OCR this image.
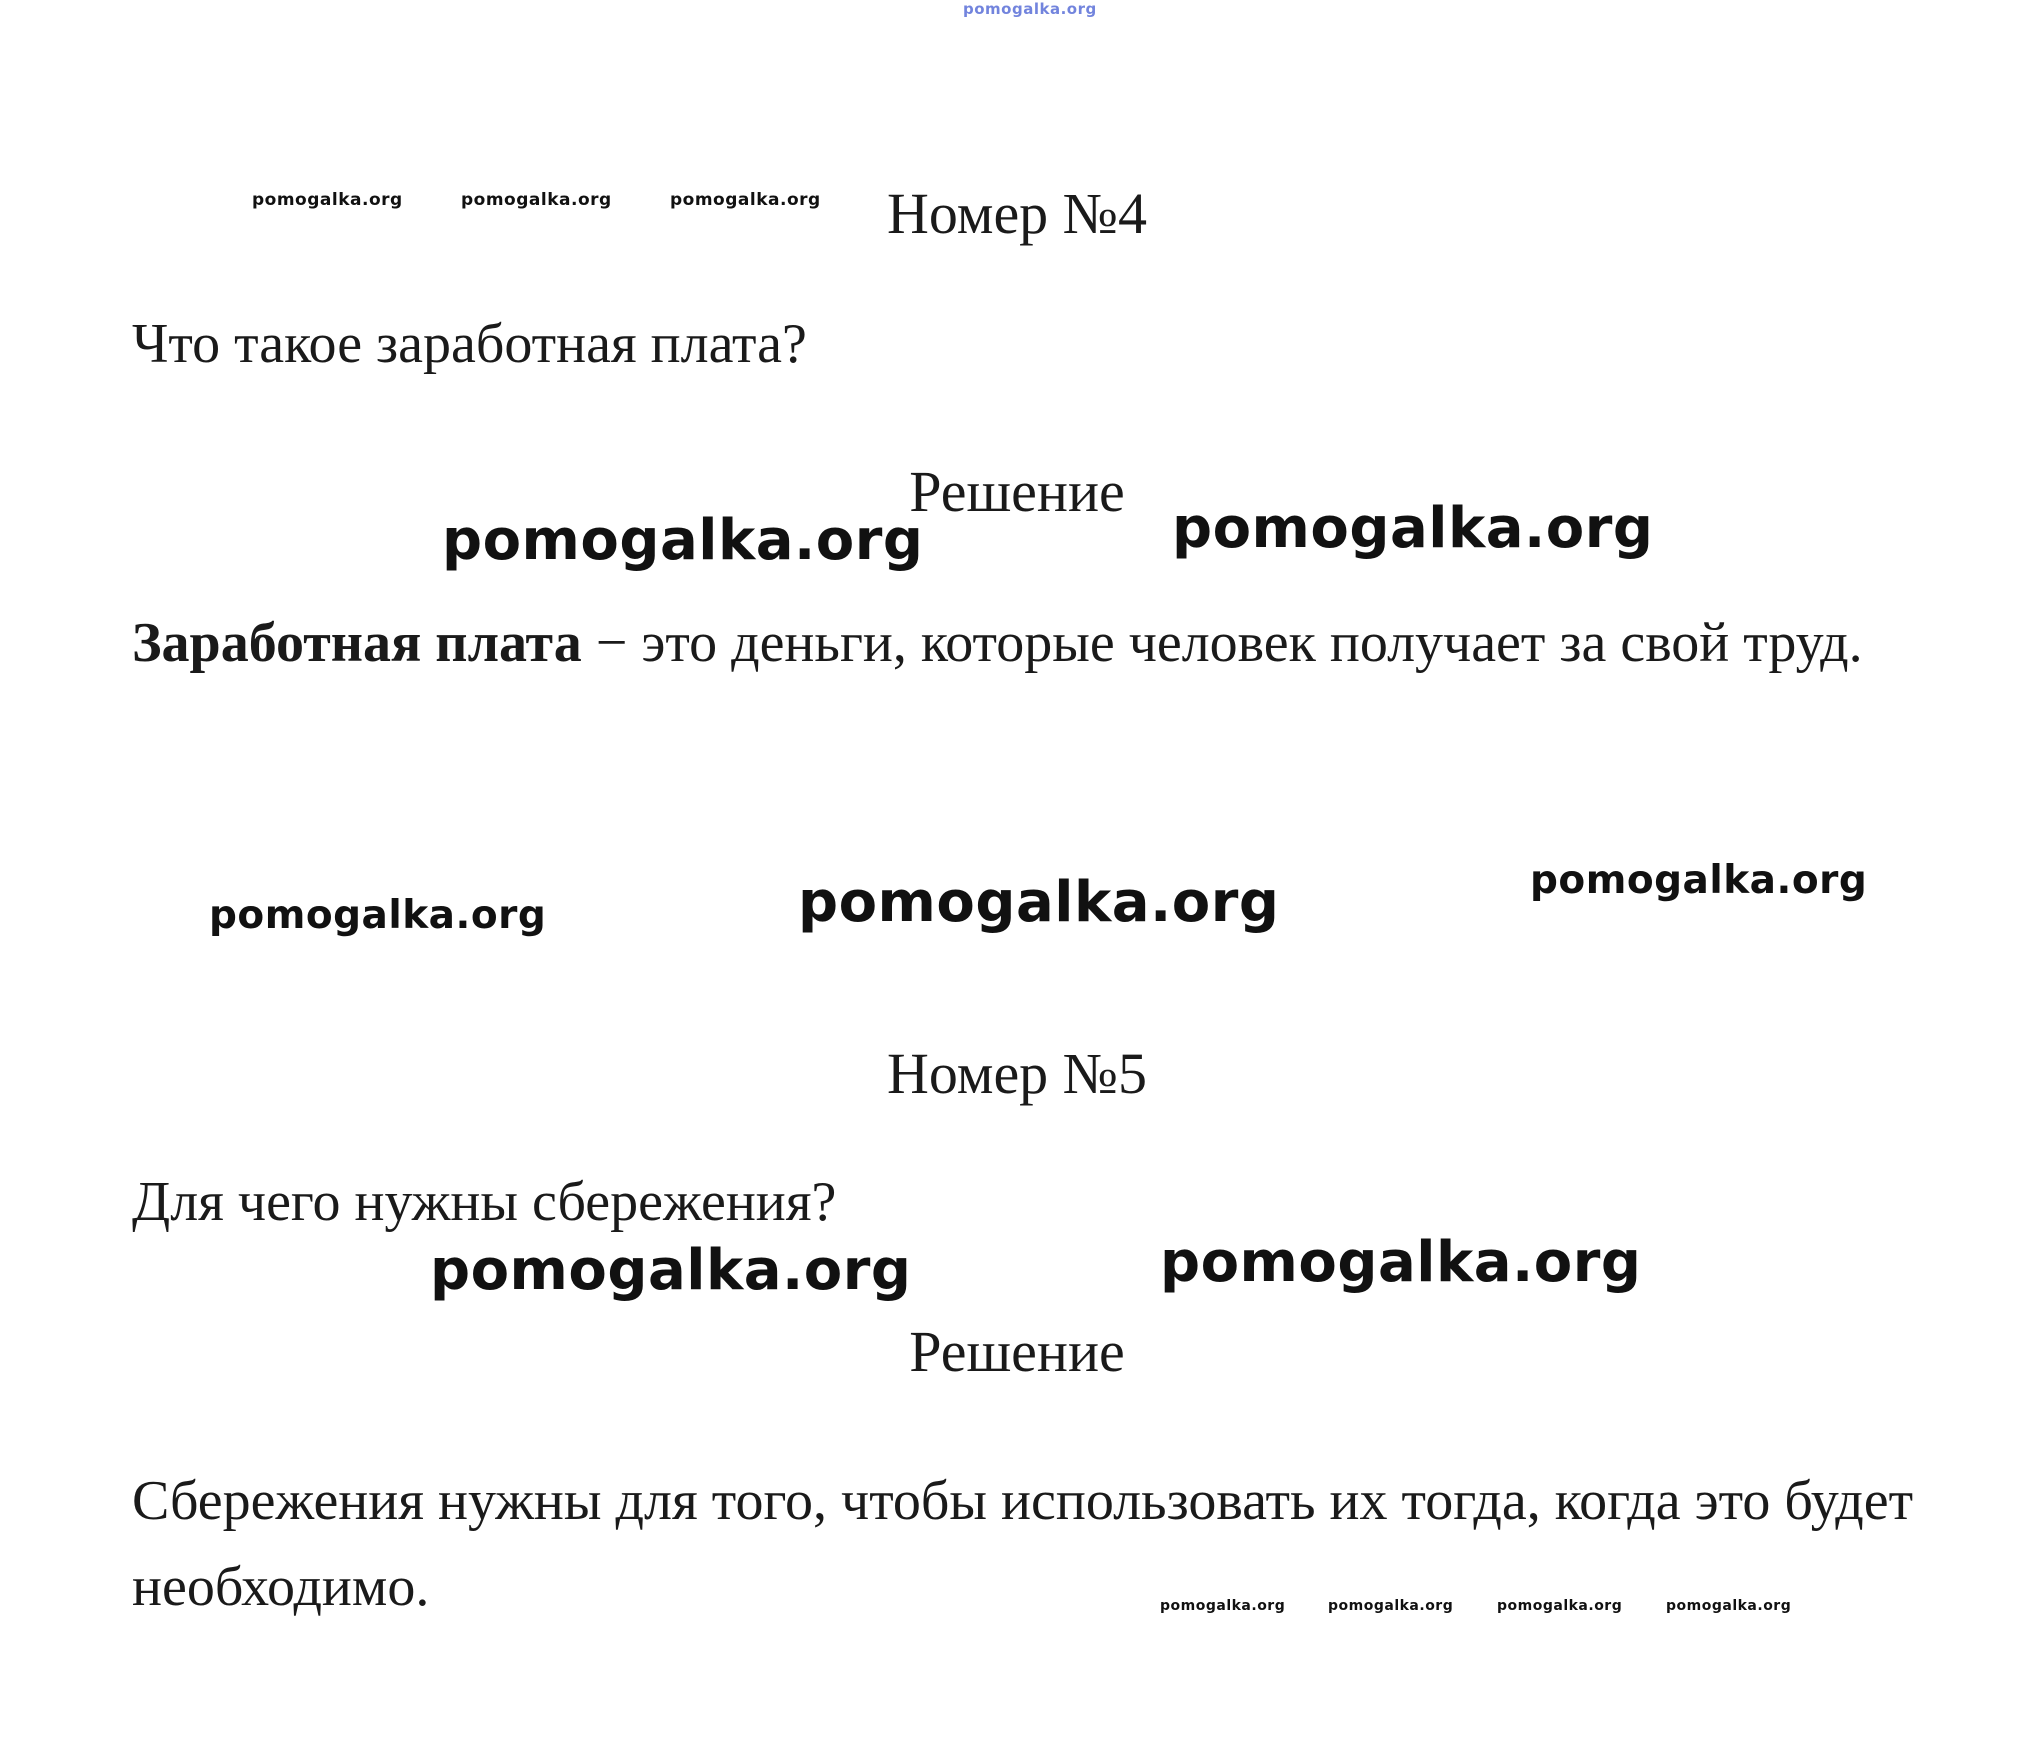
pomogalka.org
pomogalka.org	pomogalka.org	pomogalka.org	Номер №4
Что такое заработная плата?
Решение
pomogalka.org	pomogalka.org
Заработная плата − это деньги, которые человек получает за свой труд.
pomogalka.org	pomogalka.org	pomogalka.org
Номер №5
Для чего нужны сбережения?
pomogalka.org	pomogalka.org
Решение
Сбережения нужны для того, чтобы использовать их тогда, когда это будет необходимо.	pomogalka.org	pomogalka.org	pomogalka.org	pomogalka.org
